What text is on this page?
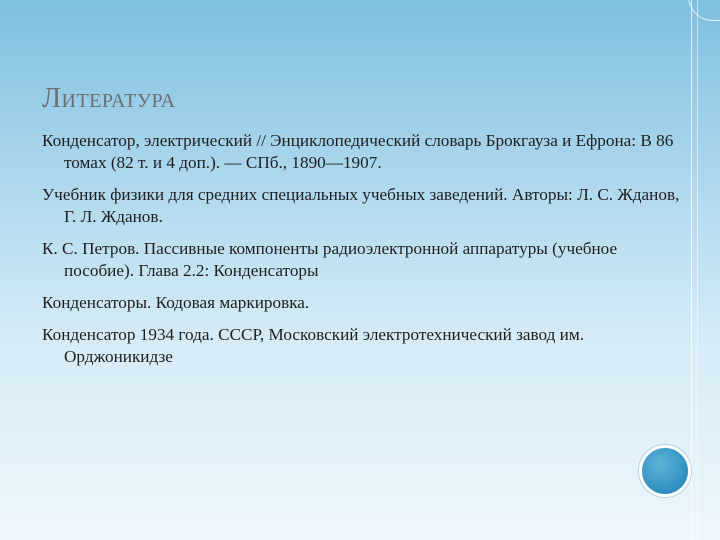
ЛИТЕРАТУРА
Конденсатор, электрический // Энциклопедический словарь Брокгауза и Ефрона: В 86 томах (82 т. и 4 доп.). — СПб., 1890—1907.
Учебник физики для средних специальных учебных заведений. Авторы: Л. С. Жданов, Г. Л. Жданов.
К. С. Петров. Пассивные компоненты радиоэлектронной аппаратуры (учебное пособие). Глава 2.2: Конденсаторы
Конденсаторы. Кодовая маркировка.
Конденсатор 1934 года. СССР, Московский электротехнический завод им. Орджоникидзе
